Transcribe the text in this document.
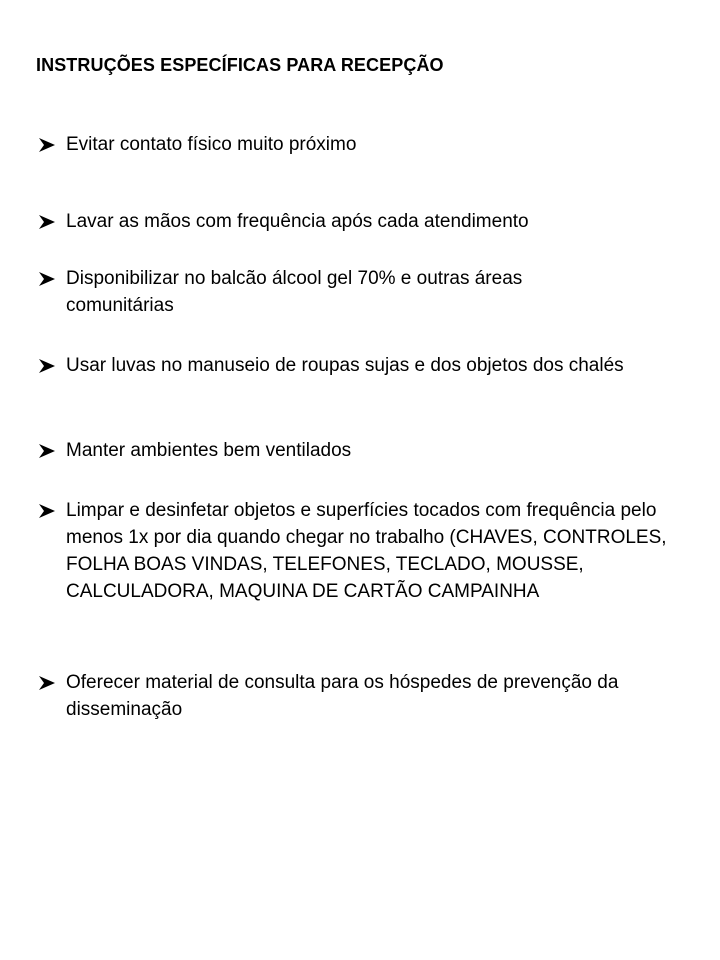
INSTRUÇÕES ESPECÍFICAS PARA RECEPÇÃO
Evitar contato físico muito próximo
Lavar as mãos com frequência após cada atendimento
Disponibilizar no balcão álcool gel 70% e outras áreas comunitárias
Usar luvas no manuseio de roupas sujas e dos objetos dos chalés
Manter ambientes bem ventilados
Limpar e desinfetar objetos e superfícies tocados com frequência pelo menos 1x por dia quando chegar no trabalho (CHAVES, CONTROLES, FOLHA BOAS VINDAS, TELEFONES, TECLADO, MOUSSE, CALCULADORA, MAQUINA DE CARTÃO CAMPAINHA
Oferecer material de consulta para os hóspedes de prevenção da disseminação
